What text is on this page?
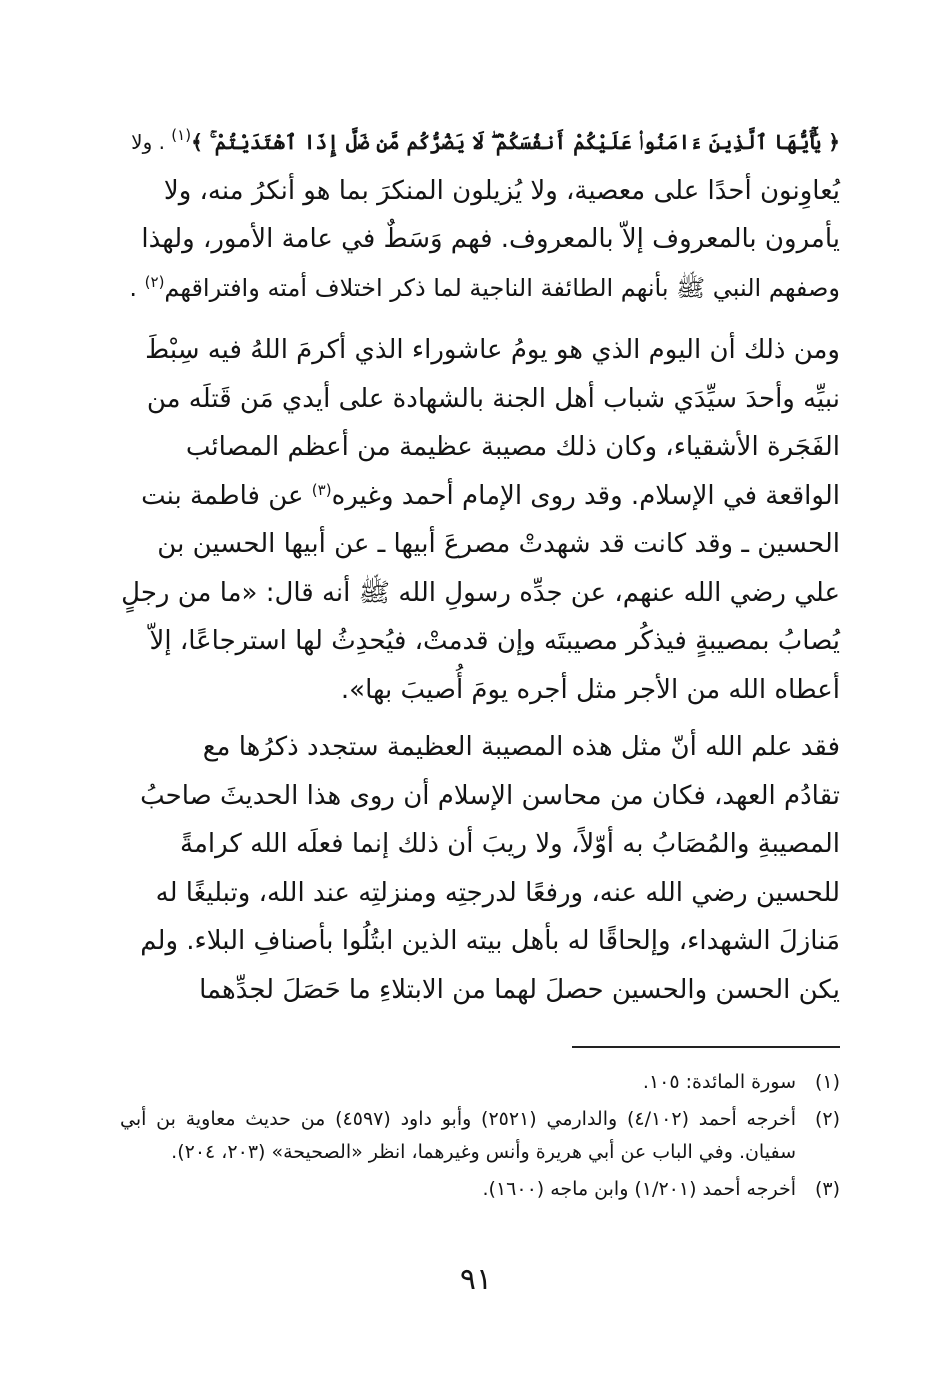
﴿ يَٰٓأَيُّهَا ٱلَّذِينَ ءَامَنُوا۟ عَلَيْكُمْ أَنفُسَكُمْ ۖ لَا يَضُرُّكُم مَّن ضَلَّ إِذَا ٱهْتَدَيْتُمْ ۚ ﴾$^{(١)}$ . ولا
يُعاوِنون أحدًا على معصية، ولا يُزيلون المنكرَ بما هو أنكرُ منه، ولا
يأمرون بالمعروف إلاّ بالمعروف. فهم وَسَطٌ في عامة الأمور، ولهذا
وصفهم النبي ﷺ بأنهم الطائفة الناجية لما ذكر اختلاف أمته وافتراقهم$^{(٢)}$ .

ومن ذلك أن اليوم الذي هو يومُ عاشوراء الذي أكرمَ اللهُ فيه سِبْطَ
نبيِّه وأحدَ سيِّدَي شباب أهل الجنة بالشهادة على أيدي مَن قَتلَه من
الفَجَرة الأشقياء، وكان ذلك مصيبة عظيمة من أعظم المصائب
الواقعة في الإسلام. وقد روى الإمام أحمد وغيره$^{(٣)}$ عن فاطمة بنت
الحسين ـ وقد كانت قد شهدتْ مصرعَ أبيها ـ عن أبيها الحسين بن
علي رضي الله عنهم، عن جدِّه رسولِ الله ﷺ أنه قال: «ما من رجلٍ
يُصابُ بمصيبةٍ فيذكُر مصيبتَه وإن قدمتْ، فيُحدِثُ لها استرجاعًا، إلاّ
أعطاه الله من الأجر مثل أجره يومَ أُصيبَ بها».

فقد علم الله أنّ مثل هذه المصيبة العظيمة ستجدد ذكرُها مع
تقادُم العهد، فكان من محاسن الإسلام أن روى هذا الحديثَ صاحبُ
المصيبةِ والمُصَابُ به أوّلاً، ولا ريبَ أن ذلك إنما فعلَه الله كرامةً
للحسين رضي الله عنه، ورفعًا لدرجتِه ومنزلتِه عند الله، وتبليغًا له
مَنازلَ الشهداء، وإلحاقًا له بأهل بيته الذين ابتُلُوا بأصنافِ البلاء. ولم
يكن الحسن والحسين حصلَ لهما من الابتلاءِ ما حَصَلَ لجدِّهما

(١)
سورة المائدة: ١٠٥.
(٢)
أخرجه أحمد (٤/١٠٢) والدارمي (٢٥٢١) وأبو داود (٤٥٩٧) من حديث معاوية بن أبي سفيان. وفي الباب عن أبي هريرة وأنس وغيرهما، انظر «الصحيحة» (٢٠٣، ٢٠٤).
(٣)
أخرجه أحمد (١/٢٠١) وابن ماجه (١٦٠٠).
٩١
